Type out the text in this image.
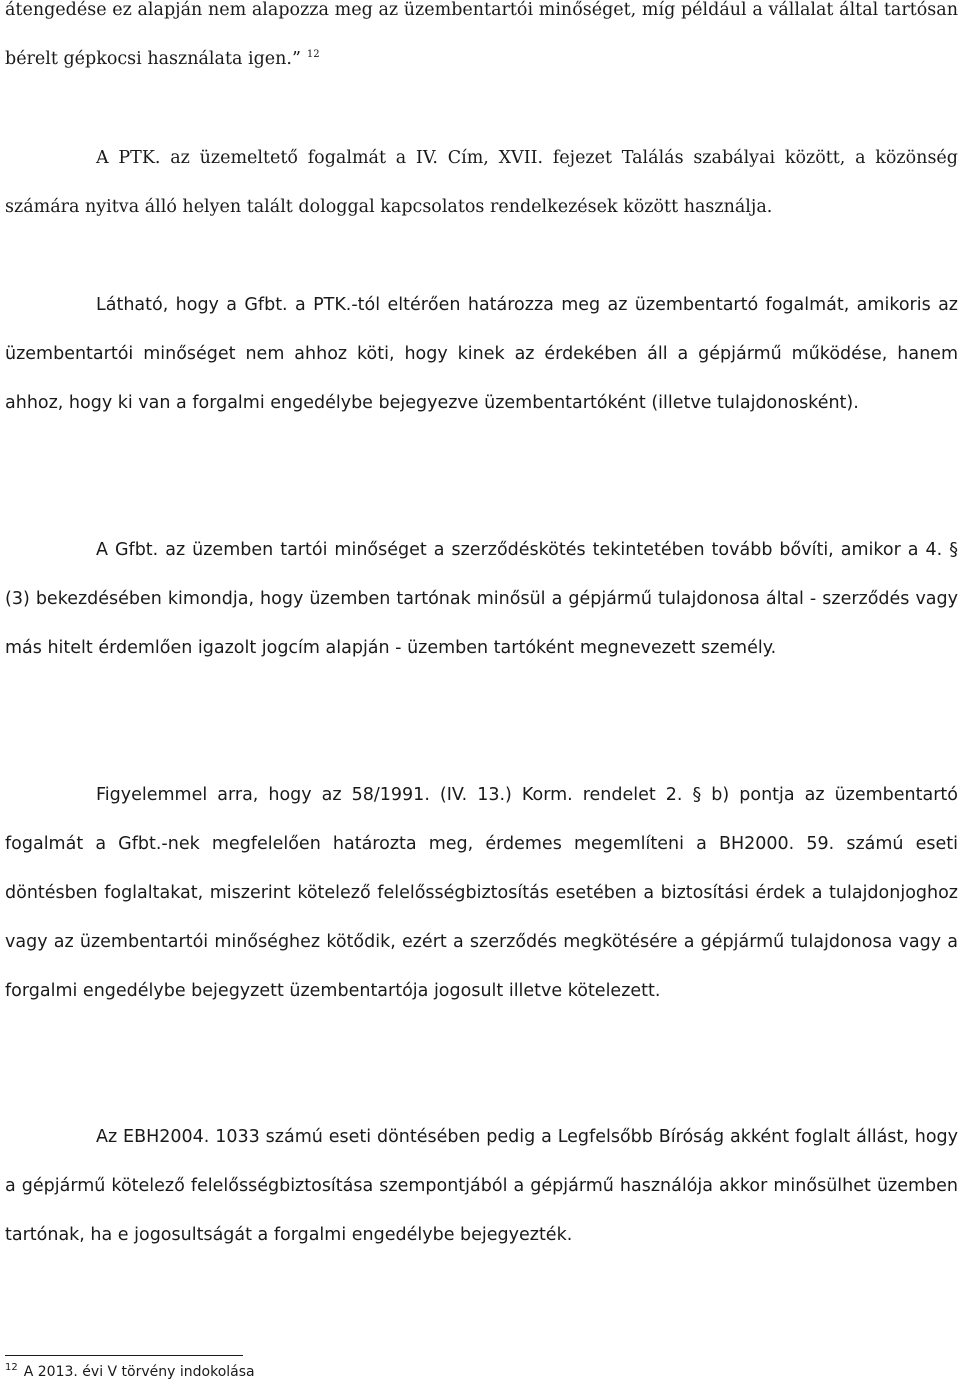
átengedése ez alapján nem alapozza meg az üzembentartói minőséget, míg például a vállalat által tartósan bérelt gépkocsi használata igen.” $^{12}$

A PTK. az üzemeltető fogalmát a IV. Cím, XVII. fejezet Találás szabályai között, a közönség számára nyitva álló helyen talált dologgal kapcsolatos rendelkezések között használja.

Látható, hogy a Gfbt. a PTK.-tól eltérően határozza meg az üzembentartó fogalmát, amikoris az üzembentartói minőséget nem ahhoz köti, hogy kinek az érdekében áll a gépjármű működése, hanem ahhoz, hogy ki van a forgalmi engedélybe bejegyezve üzembentartóként (illetve tulajdonosként).

A Gfbt. az üzemben tartói minőséget a szerződéskötés tekintetében tovább bővíti, amikor a 4. § (3) bekezdésében kimondja, hogy üzemben tartónak minősül a gépjármű tulajdonosa által - szerződés vagy más hitelt érdemlően igazolt jogcím alapján - üzemben tartóként megnevezett személy.

Figyelemmel arra, hogy az 58/1991. (IV. 13.) Korm. rendelet 2. § b) pontja az üzembentartó fogalmát a Gfbt.-nek megfelelően határozta meg, érdemes megemlíteni a BH2000. 59. számú eseti döntésben foglaltakat, miszerint kötelező felelősségbiztosítás esetében a biztosítási érdek a tulajdonjoghoz vagy az üzembentartói minőséghez kötődik, ezért a szerződés megkötésére a gépjármű tulajdonosa vagy a forgalmi engedélybe bejegyzett üzembentartója jogosult illetve kötelezett.

Az EBH2004. 1033 számú eseti döntésében pedig a Legfelsőbb Bíróság akként foglalt állást, hogy a gépjármű kötelező felelősségbiztosítása szempontjából a gépjármű használója akkor minősülhet üzemben tartónak, ha e jogosultságát a forgalmi engedélybe bejegyezték.

$^{12}$ A 2013. évi V törvény indokolása
